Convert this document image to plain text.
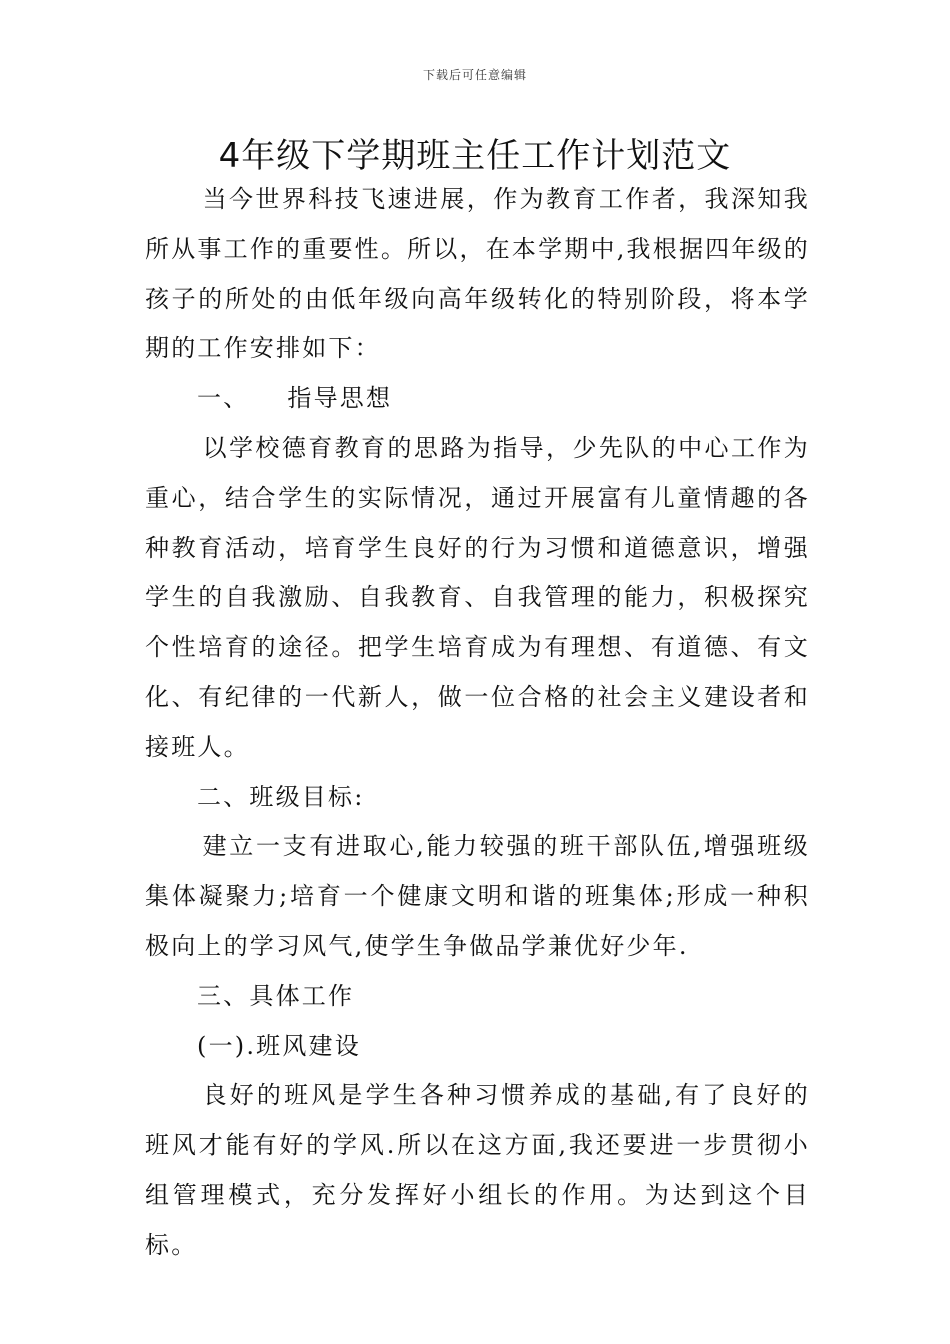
下载后可任意编辑
4年级下学期班主任工作计划范文

当今世界科技飞速进展，作为教育工作者，我深知我所从事工作的重要性。所以，在本学期中,我根据四年级的孩子的所处的由低年级向高年级转化的特别阶段，将本学期的工作安排如下：

一、 指导思想

以学校德育教育的思路为指导，少先队的中心工作为重心，结合学生的实际情况，通过开展富有儿童情趣的各种教育活动，培育学生良好的行为习惯和道德意识，增强学生的自我激励、自我教育、自我管理的能力，积极探究个性培育的途径。把学生培育成为有理想、有道德、有文化、有纪律的一代新人，做一位合格的社会主义建设者和接班人。

二、班级目标:

建立一支有进取心,能力较强的班干部队伍,增强班级集体凝聚力;培育一个健康文明和谐的班集体;形成一种积极向上的学习风气,使学生争做品学兼优好少年.

三、具体工作

(一).班风建设

良好的班风是学生各种习惯养成的基础,有了良好的班风才能有好的学风.所以在这方面,我还要进一步贯彻小组管理模式，充分发挥好小组长的作用。为达到这个目标。
